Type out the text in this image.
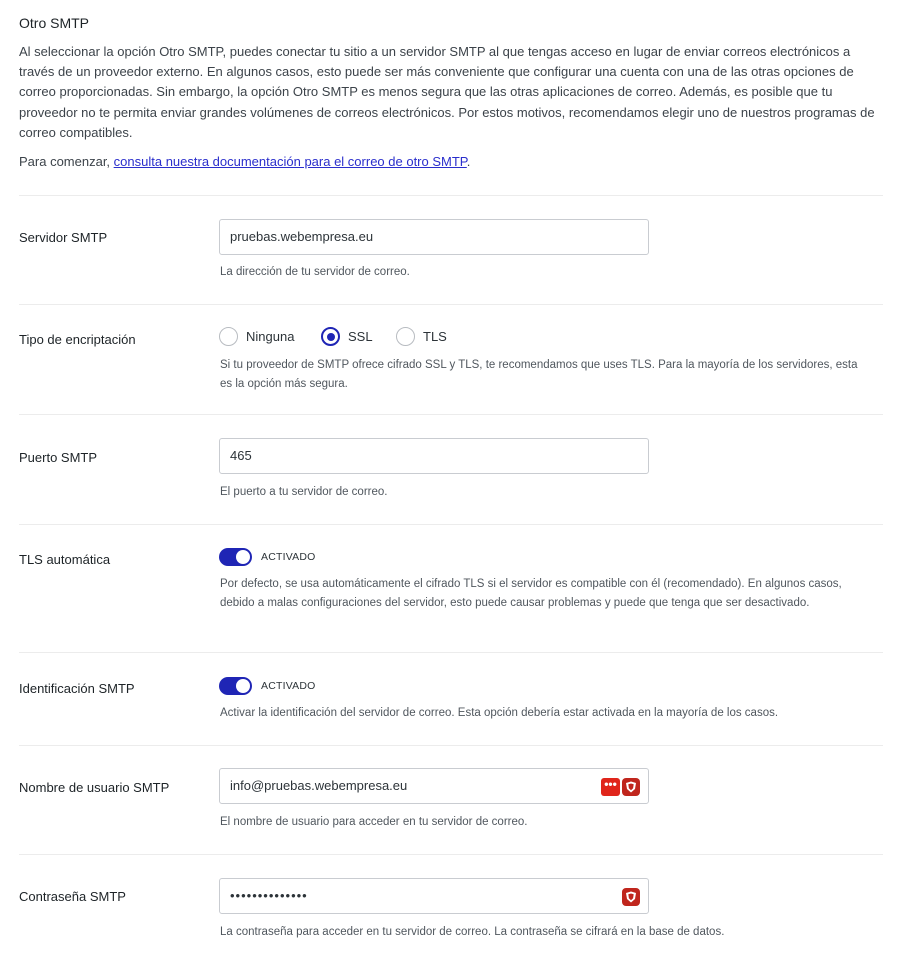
Otro SMTP

Al seleccionar la opción Otro SMTP, puedes conectar tu sitio a un servidor SMTP al que tengas acceso en lugar de enviar correos electrónicos a través de un proveedor externo. En algunos casos, esto puede ser más conveniente que configurar una cuenta con una de las otras opciones de correo proporcionadas. Sin embargo, la opción Otro SMTP es menos segura que las otras aplicaciones de correo. Además, es posible que tu proveedor no te permita enviar grandes volúmenes de correos electrónicos. Por estos motivos, recomendamos elegir uno de nuestros programas de correo compatibles.

Para comenzar, consulta nuestra documentación para el correo de otro SMTP.
Servidor SMTP	pruebas.webempresa.eu
La dirección de tu servidor de correo.
Tipo de encriptación	Ninguna	SSL	TLS
Si tu proveedor de SMTP ofrece cifrado SSL y TLS, te recomendamos que uses TLS. Para la mayoría de los servidores, esta es la opción más segura.
Puerto SMTP	465
El puerto a tu servidor de correo.
TLS automática	ACTIVADO
Por defecto, se usa automáticamente el cifrado TLS si el servidor es compatible con él (recomendado). En algunos casos, debido a malas configuraciones del servidor, esto puede causar problemas y puede que tenga que ser desactivado.
Identificación SMTP	ACTIVADO
Activar la identificación del servidor de correo. Esta opción debería estar activada en la mayoría de los casos.
Nombre de usuario SMTP	info@pruebas.webempresa.eu	•••
El nombre de usuario para acceder en tu servidor de correo.
Contraseña SMTP	••••••••••••••
La contraseña para acceder en tu servidor de correo. La contraseña se cifrará en la base de datos.
